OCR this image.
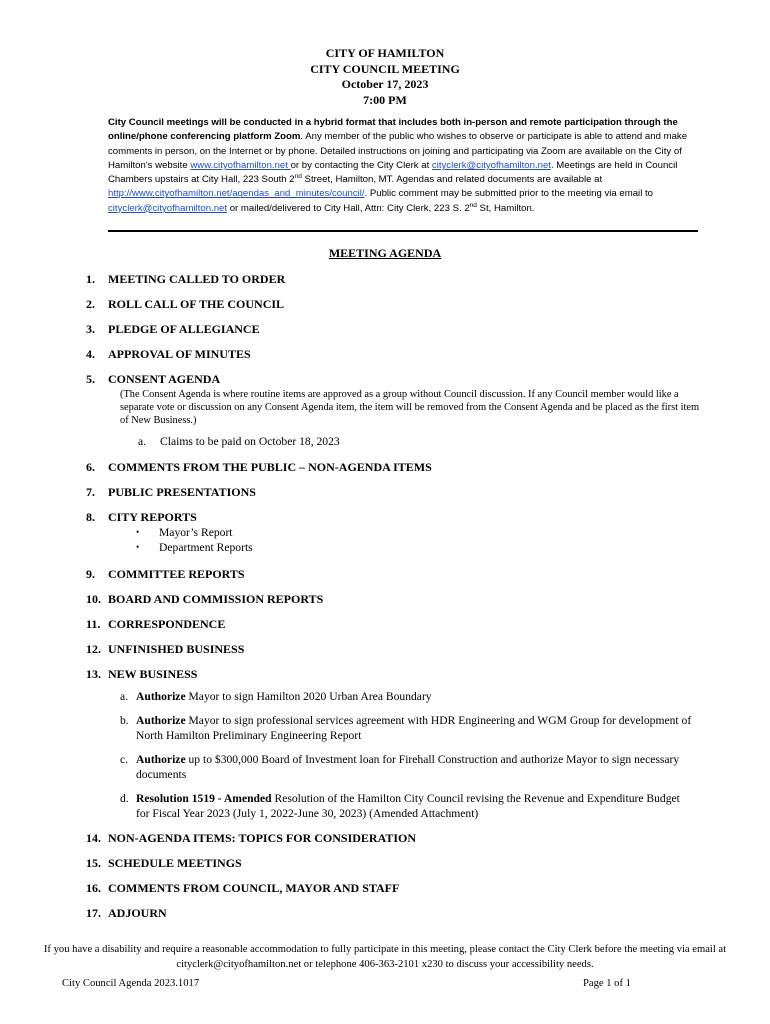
CITY OF HAMILTON
CITY COUNCIL MEETING
October 17, 2023
7:00 PM
City Council meetings will be conducted in a hybrid format that includes both in-person and remote participation through the online/phone conferencing platform Zoom. Any member of the public who wishes to observe or participate is able to attend and make comments in person, on the Internet or by phone. Detailed instructions on joining and participating via Zoom are available on the City of Hamilton's website www.cityofhamilton.net or by contacting the City Clerk at cityclerk@cityofhamilton.net. Meetings are held in Council Chambers upstairs at City Hall, 223 South 2nd Street, Hamilton, MT. Agendas and related documents are available at http://www.cityofhamilton.net/agendas_and_minutes/council/. Public comment may be submitted prior to the meeting via email to cityclerk@cityofhamilton.net or mailed/delivered to City Hall, Attn: City Clerk, 223 S. 2nd St, Hamilton.
MEETING AGENDA
1. MEETING CALLED TO ORDER
2. ROLL CALL OF THE COUNCIL
3. PLEDGE OF ALLEGIANCE
4. APPROVAL OF MINUTES
5. CONSENT AGENDA
(The Consent Agenda is where routine items are approved as a group without Council discussion. If any Council member would like a separate vote or discussion on any Consent Agenda item, the item will be removed from the Consent Agenda and be placed as the first item of New Business.)
a. Claims to be paid on October 18, 2023
6. COMMENTS FROM THE PUBLIC – NON-AGENDA ITEMS
7. PUBLIC PRESENTATIONS
8. CITY REPORTS
• Mayor’s Report
• Department Reports
9. COMMITTEE REPORTS
10. BOARD AND COMMISSION REPORTS
11. CORRESPONDENCE
12. UNFINISHED BUSINESS
13. NEW BUSINESS
a. Authorize Mayor to sign Hamilton 2020 Urban Area Boundary
b. Authorize Mayor to sign professional services agreement with HDR Engineering and WGM Group for development of North Hamilton Preliminary Engineering Report
c. Authorize up to $300,000 Board of Investment loan for Firehall Construction and authorize Mayor to sign necessary documents
d. Resolution 1519 - Amended Resolution of the Hamilton City Council revising the Revenue and Expenditure Budget for Fiscal Year 2023 (July 1, 2022-June 30, 2023) (Amended Attachment)
14. NON-AGENDA ITEMS: TOPICS FOR CONSIDERATION
15. SCHEDULE MEETINGS
16. COMMENTS FROM COUNCIL, MAYOR AND STAFF
17. ADJOURN
If you have a disability and require a reasonable accommodation to fully participate in this meeting, please contact the City Clerk before the meeting via email at cityclerk@cityofhamilton.net or telephone 406-363-2101 x230 to discuss your accessibility needs.
City Council Agenda 2023.1017	Page 1 of 1
